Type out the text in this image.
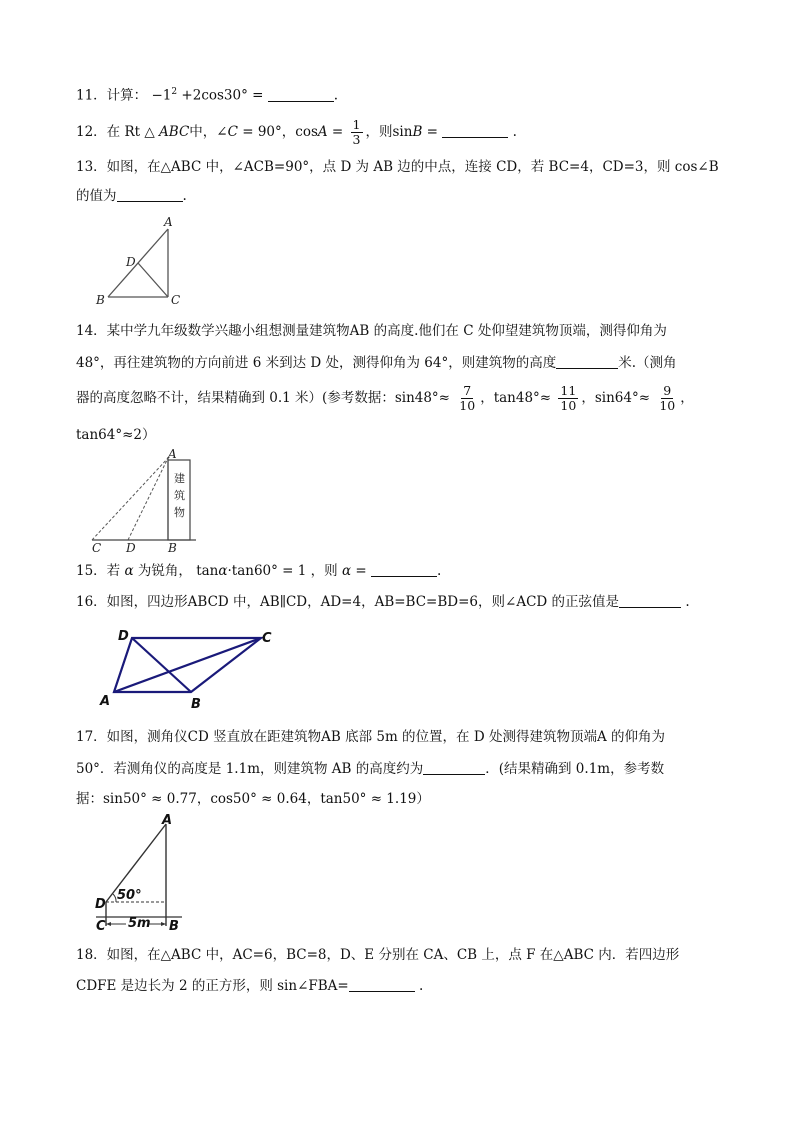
11．计算： $-1^2 +2\cos 30^\circ$ =	.
12．在 Rt △ ABC中，∠C = 90°，$\cos A = \frac{1}{3}$ ，则sinB =	.
13．如图，在△ABC 中，∠ACB=90°，点 D 为 AB 边的中点，连接 CD，若 BC=4，CD=3，则 cos∠B
的值为	.
A
B	C
D
14．某中学九年级数学兴趣小组想测量建筑物AB 的高度.他们在 C 处仰望建筑物顶端，测得仰角为
48°，再往建筑物的方向前进 6 米到达 D 处，测得仰角为 64°，则建筑物的高度	米.（测角
器的高度忽略不计，结果精确到 0.1 米）(参考数据：$\sin 48^\circ\approx \frac{7}{10}$ ，$\tan 48^\circ\approx \frac{11}{10}$ ，$\sin 64^\circ\approx \frac{9}{10}$ ，
tan64°≈2）
建
筑
物
A
C D	B
15．若 α 为锐角， tanα·tan60° = 1 ，则 α =	.
16．如图，四边形ABCD 中，AB∥CD，AD=4，AB=BC=BD=6，则∠ACD 的正弦值是	.
D	C
A	B
17．如图，测角仪CD 竖直放在距建筑物AB 底部 5m 的位置，在 D 处测得建筑物顶端A 的仰角为
50°．若测角仪的高度是 1.1m，则建筑物 AB 的高度约为	．(结果精确到 0.1m，参考数
据：sin50° ≈ 0.77，cos50° ≈ 0.64，tan50° ≈ 1.19）
50°
5m
A
D
C	B
18．如图，在△ABC 中，AC=6，BC=8，D、E 分别在 CA、CB 上，点 F 在△ABC 内．若四边形
CDFE 是边长为 2 的正方形，则 sin∠FBA=	.
